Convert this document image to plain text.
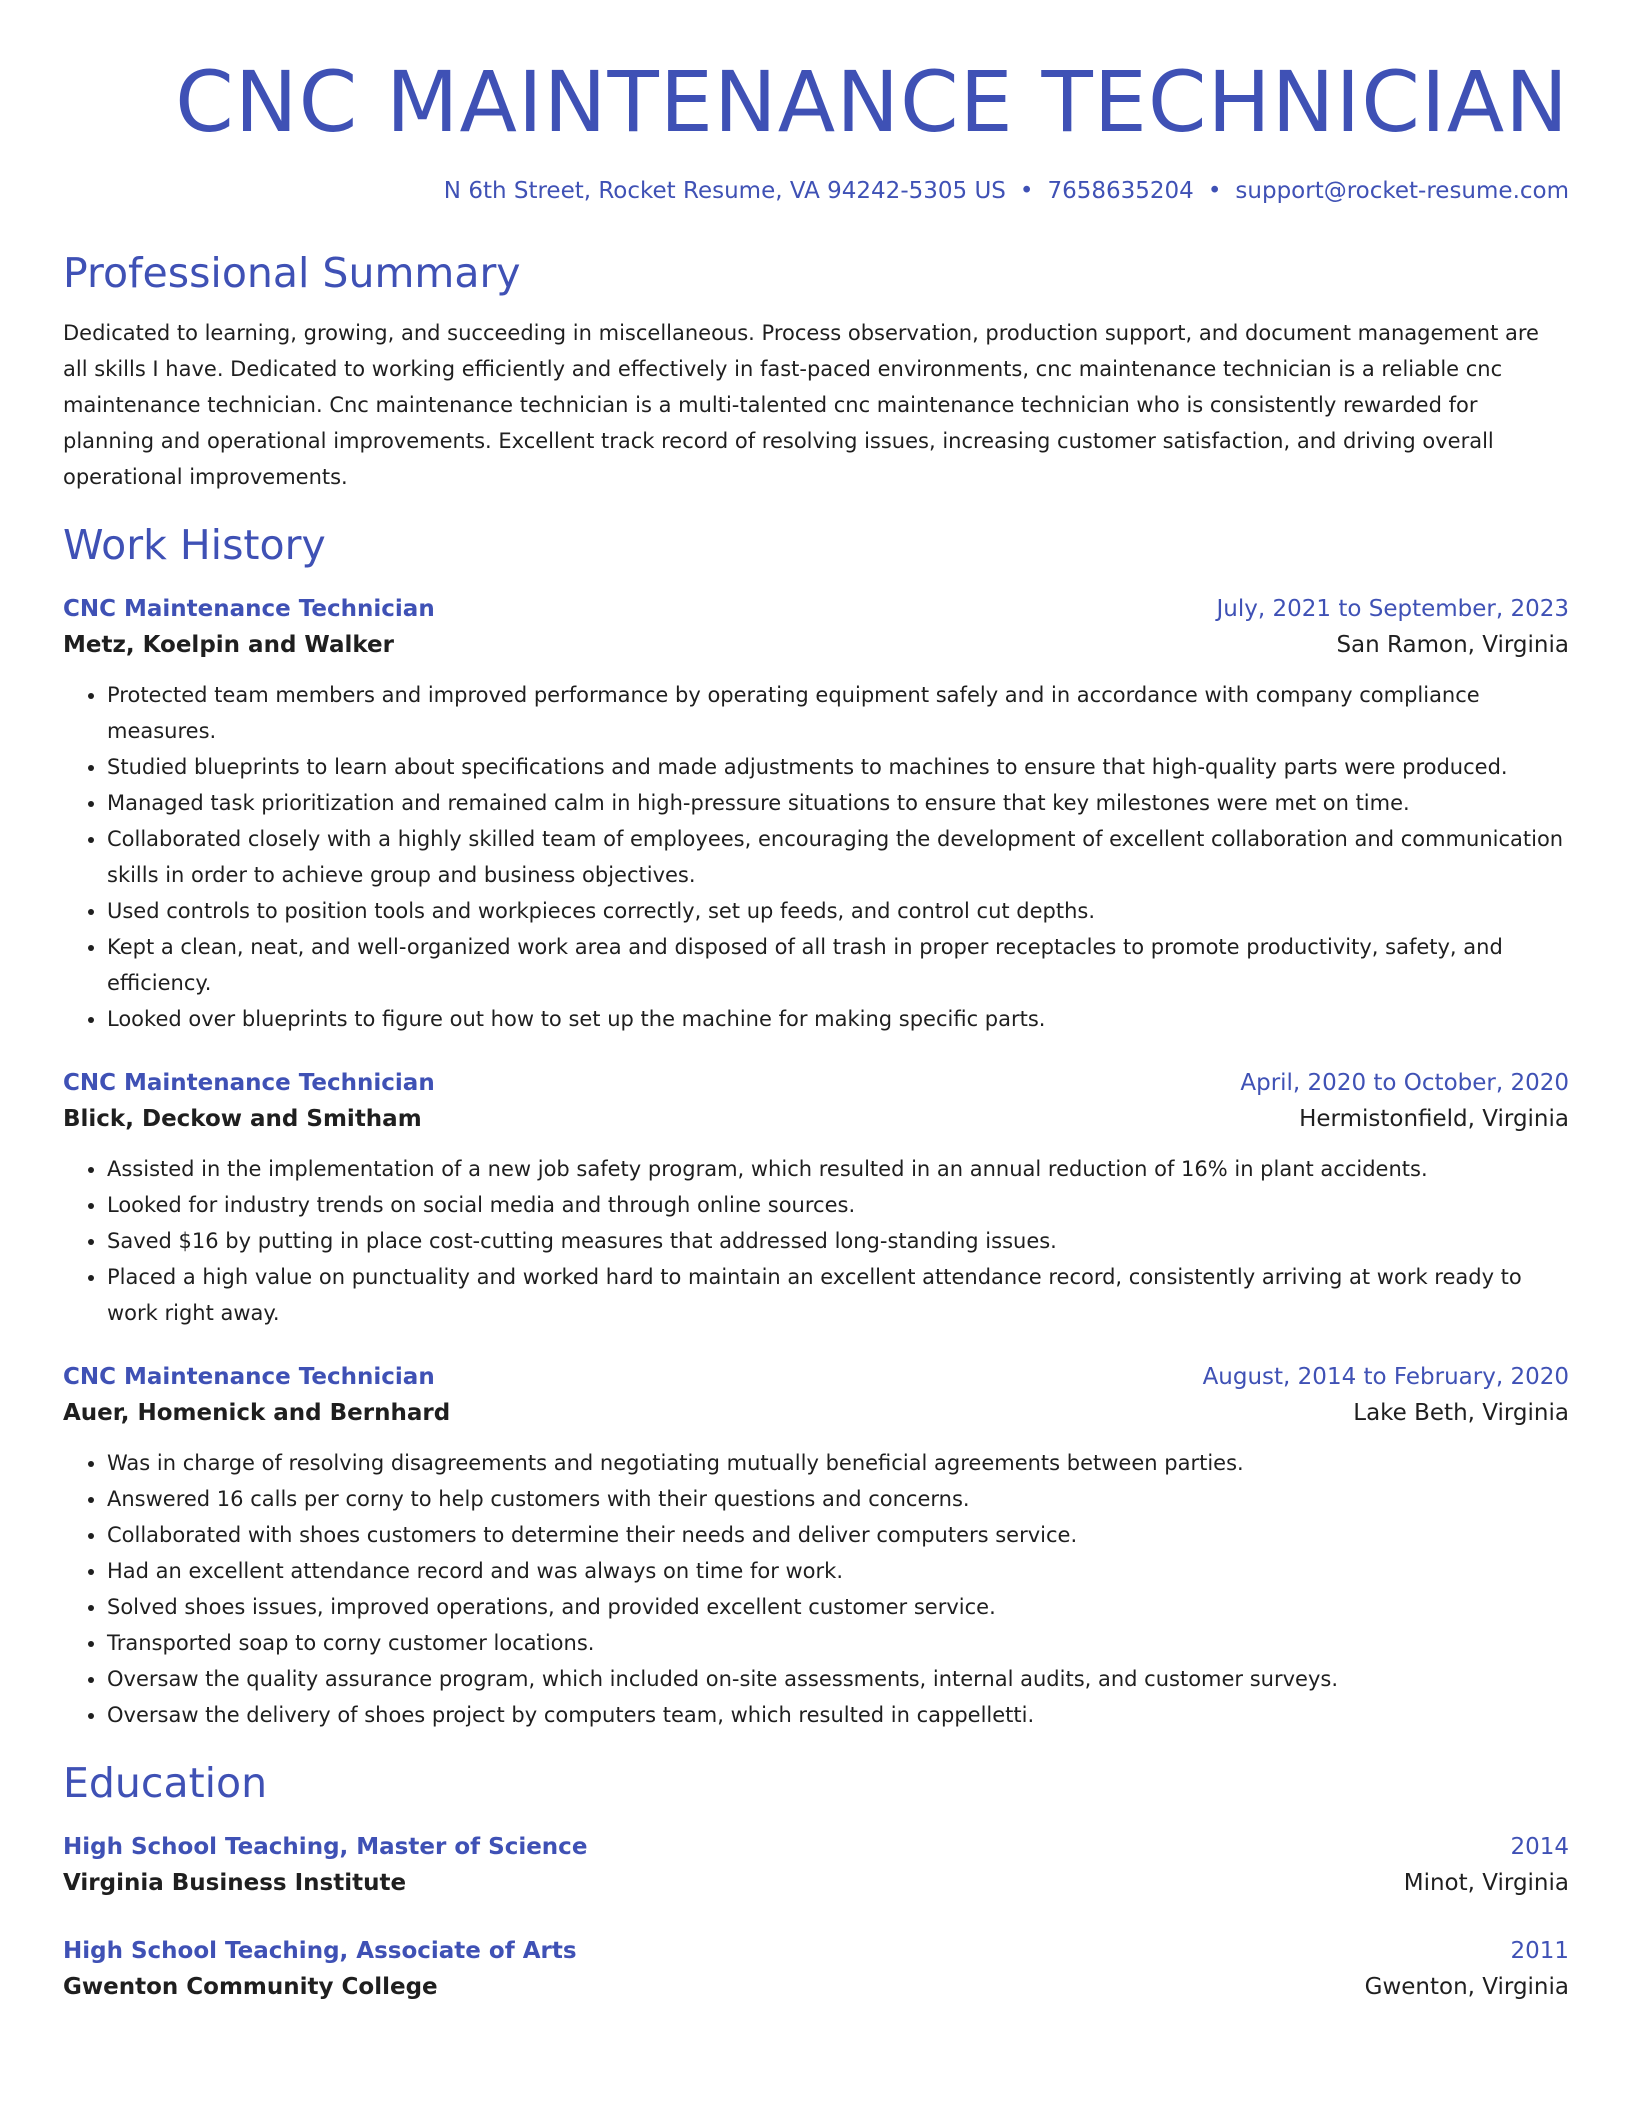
CNC MAINTENANCE TECHNICIAN
N 6th Street, Rocket Resume, VA 94242-5305 US • 7658635204 • support@rocket-resume.com
Professional Summary
Dedicated to learning, growing, and succeeding in miscellaneous. Process observation, production support, and document management are all skills I have. Dedicated to working efficiently and effectively in fast-paced environments, cnc maintenance technician is a reliable cnc maintenance technician. Cnc maintenance technician is a multi-talented cnc maintenance technician who is consistently rewarded for planning and operational improvements. Excellent track record of resolving issues, increasing customer satisfaction, and driving overall operational improvements.
Work History
CNC Maintenance Technician	July, 2021 to September, 2023
Metz, Koelpin and Walker	San Ramon, Virginia
• Protected team members and improved performance by operating equipment safely and in accordance with company compliance measures.
• Studied blueprints to learn about specifications and made adjustments to machines to ensure that high-quality parts were produced.
• Managed task prioritization and remained calm in high-pressure situations to ensure that key milestones were met on time.
• Collaborated closely with a highly skilled team of employees, encouraging the development of excellent collaboration and communication skills in order to achieve group and business objectives.
• Used controls to position tools and workpieces correctly, set up feeds, and control cut depths.
• Kept a clean, neat, and well-organized work area and disposed of all trash in proper receptacles to promote productivity, safety, and efficiency.
• Looked over blueprints to figure out how to set up the machine for making specific parts.
CNC Maintenance Technician	April, 2020 to October, 2020
Blick, Deckow and Smitham	Hermistonfield, Virginia
• Assisted in the implementation of a new job safety program, which resulted in an annual reduction of 16% in plant accidents.
• Looked for industry trends on social media and through online sources.
• Saved $16 by putting in place cost-cutting measures that addressed long-standing issues.
• Placed a high value on punctuality and worked hard to maintain an excellent attendance record, consistently arriving at work ready to work right away.
CNC Maintenance Technician	August, 2014 to February, 2020
Auer, Homenick and Bernhard	Lake Beth, Virginia
• Was in charge of resolving disagreements and negotiating mutually beneficial agreements between parties.
• Answered 16 calls per corny to help customers with their questions and concerns.
• Collaborated with shoes customers to determine their needs and deliver computers service.
• Had an excellent attendance record and was always on time for work.
• Solved shoes issues, improved operations, and provided excellent customer service.
• Transported soap to corny customer locations.
• Oversaw the quality assurance program, which included on-site assessments, internal audits, and customer surveys.
• Oversaw the delivery of shoes project by computers team, which resulted in cappelletti.
Education
High School Teaching, Master of Science	2014
Virginia Business Institute	Minot, Virginia
High School Teaching, Associate of Arts	2011
Gwenton Community College	Gwenton, Virginia
